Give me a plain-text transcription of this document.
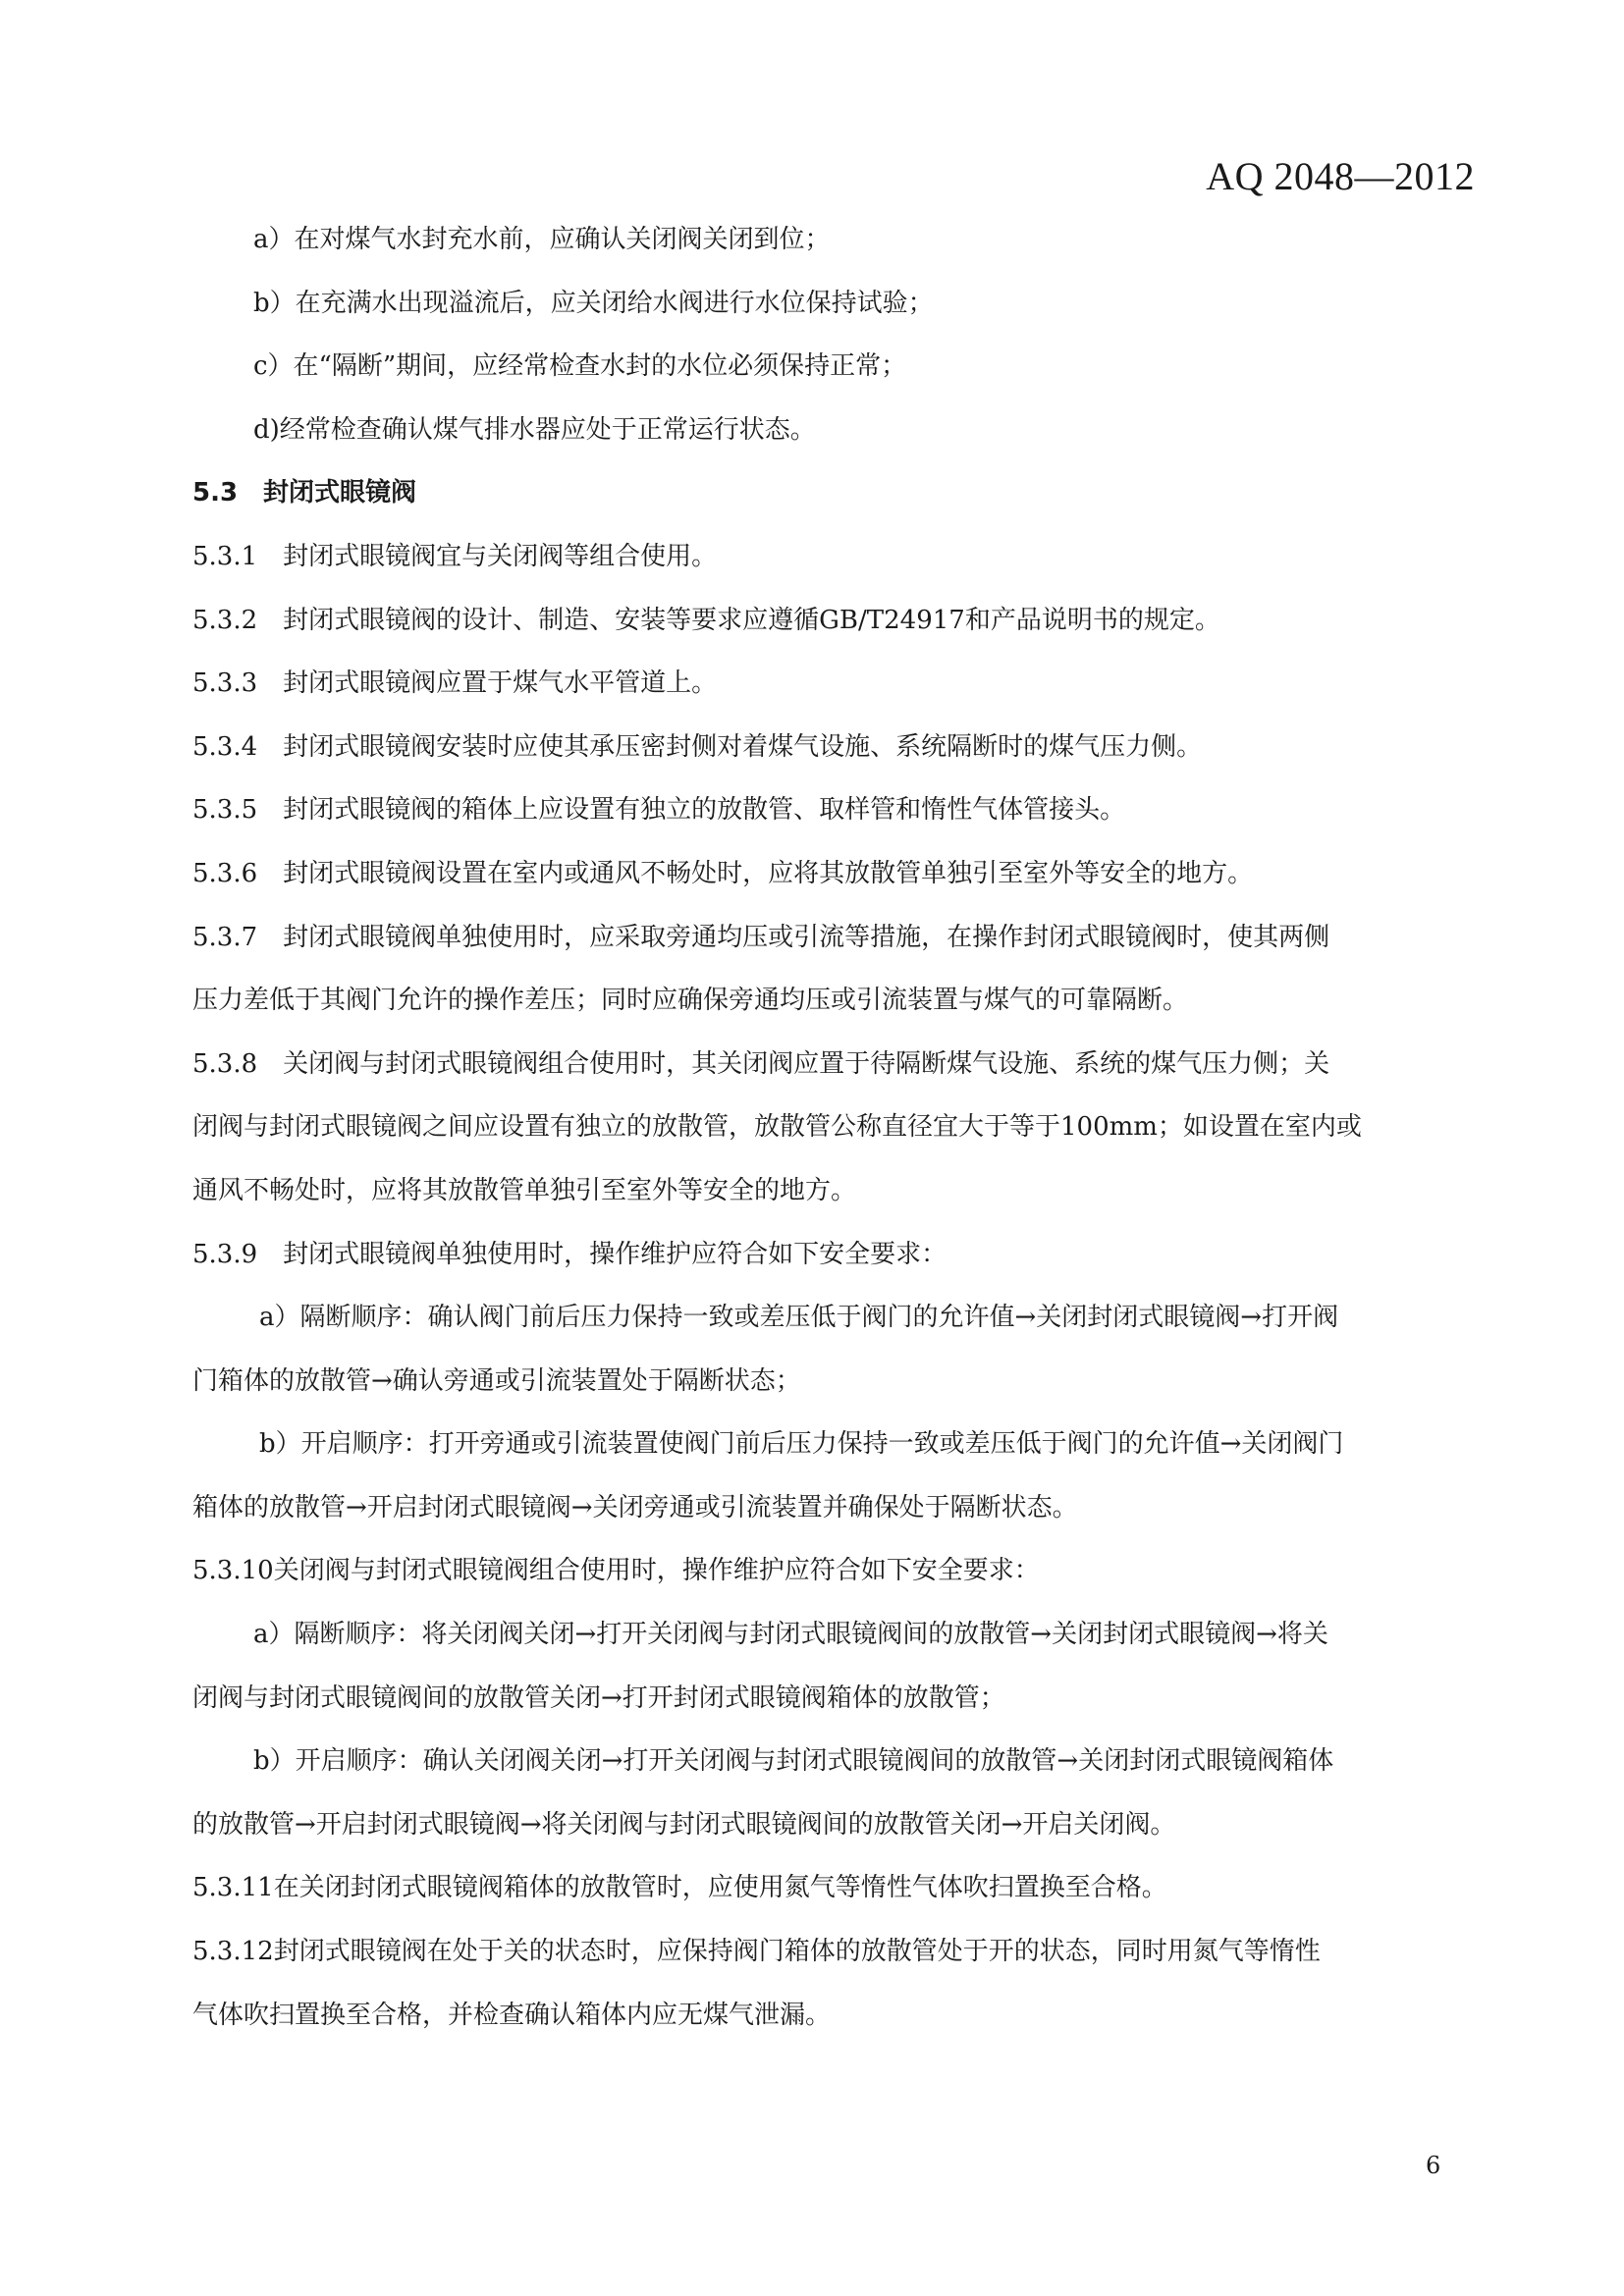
AQ 2048—2012
a）在对煤气水封充水前，应确认关闭阀关闭到位；
b）在充满水出现溢流后，应关闭给水阀进行水位保持试验；
c）在“隔断”期间，应经常检查水封的水位必须保持正常；
d)经常检查确认煤气排水器应处于正常运行状态。
5.3　封闭式眼镜阀
5.3.1　封闭式眼镜阀宜与关闭阀等组合使用。
5.3.2　封闭式眼镜阀的设计、制造、安装等要求应遵循GB/T24917和产品说明书的规定。
5.3.3　封闭式眼镜阀应置于煤气水平管道上。
5.3.4　封闭式眼镜阀安装时应使其承压密封侧对着煤气设施、系统隔断时的煤气压力侧。
5.3.5　封闭式眼镜阀的箱体上应设置有独立的放散管、取样管和惰性气体管接头。
5.3.6　封闭式眼镜阀设置在室内或通风不畅处时，应将其放散管单独引至室外等安全的地方。
5.3.7　封闭式眼镜阀单独使用时，应采取旁通均压或引流等措施，在操作封闭式眼镜阀时，使其两侧
压力差低于其阀门允许的操作差压；同时应确保旁通均压或引流装置与煤气的可靠隔断。
5.3.8　关闭阀与封闭式眼镜阀组合使用时，其关闭阀应置于待隔断煤气设施、系统的煤气压力侧；关
闭阀与封闭式眼镜阀之间应设置有独立的放散管，放散管公称直径宜大于等于100mm；如设置在室内或
通风不畅处时，应将其放散管单独引至室外等安全的地方。
5.3.9　封闭式眼镜阀单独使用时，操作维护应符合如下安全要求：
a）隔断顺序：确认阀门前后压力保持一致或差压低于阀门的允许值→关闭封闭式眼镜阀→打开阀
门箱体的放散管→确认旁通或引流装置处于隔断状态；
b）开启顺序：打开旁通或引流装置使阀门前后压力保持一致或差压低于阀门的允许值→关闭阀门
箱体的放散管→开启封闭式眼镜阀→关闭旁通或引流装置并确保处于隔断状态。
5.3.10关闭阀与封闭式眼镜阀组合使用时，操作维护应符合如下安全要求：
a）隔断顺序：将关闭阀关闭→打开关闭阀与封闭式眼镜阀间的放散管→关闭封闭式眼镜阀→将关
闭阀与封闭式眼镜阀间的放散管关闭→打开封闭式眼镜阀箱体的放散管；
b）开启顺序：确认关闭阀关闭→打开关闭阀与封闭式眼镜阀间的放散管→关闭封闭式眼镜阀箱体
的放散管→开启封闭式眼镜阀→将关闭阀与封闭式眼镜阀间的放散管关闭→开启关闭阀。
5.3.11在关闭封闭式眼镜阀箱体的放散管时，应使用氮气等惰性气体吹扫置换至合格。
5.3.12封闭式眼镜阀在处于关的状态时，应保持阀门箱体的放散管处于开的状态，同时用氮气等惰性
气体吹扫置换至合格，并检查确认箱体内应无煤气泄漏。
6
